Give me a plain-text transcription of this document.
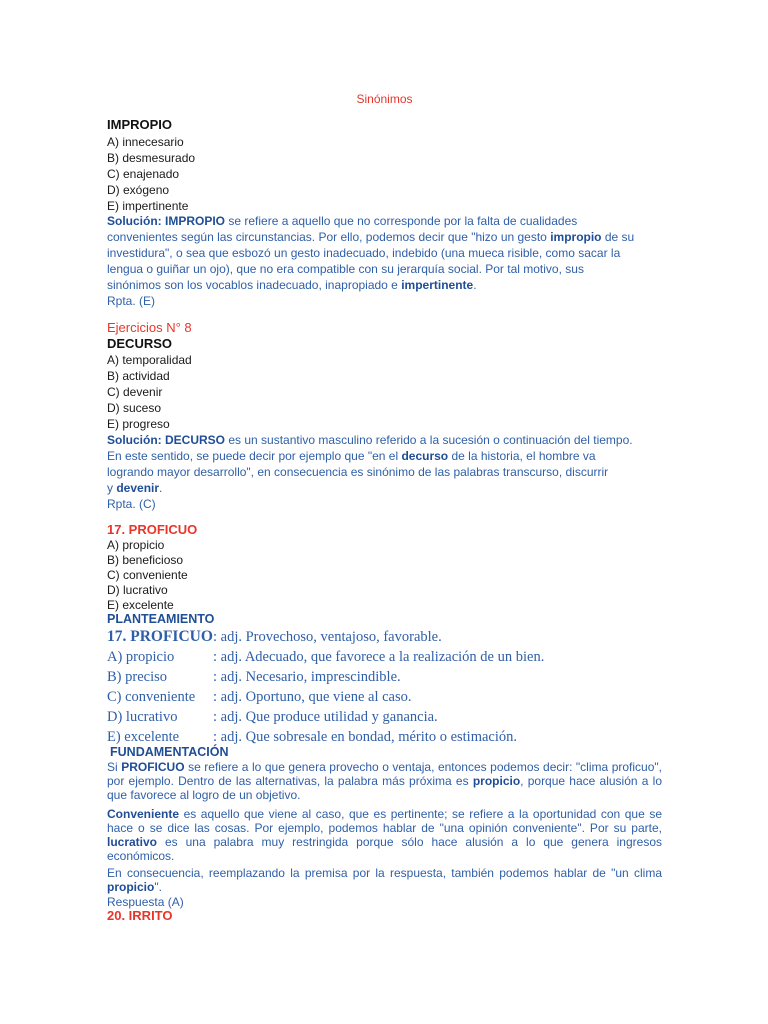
Sinónimos
IMPROPIO
A) innecesario
B) desmesurado
C) enajenado
D) exógeno
E) impertinente
Solución: IMPROPIO se refiere a aquello que no corresponde por la falta de cualidades
convenientes según las circunstancias. Por ello, podemos decir que "hizo un gesto impropio de su
investidura", o sea que esbozó un gesto inadecuado, indebido (una mueca risible, como sacar la
lengua o guiñar un ojo), que no era compatible con su jerarquía social. Por tal motivo, sus
sinónimos son los vocablos inadecuado, inapropiado e impertinente.
Rpta. (E)
Ejercicios N° 8
DECURSO
A) temporalidad
B) actividad
C) devenir
D) suceso
E) progreso
Solución: DECURSO es un sustantivo masculino referido a la sucesión o continuación del tiempo.
En este sentido, se puede decir por ejemplo que "en el decurso de la historia, el hombre va
logrando mayor desarrollo", en consecuencia es sinónimo de las palabras transcurso, discurrir
y devenir.
Rpta. (C)
17. PROFICUO
A) propicio
B) beneficioso
C) conveniente
D) lucrativo
E) excelente
PLANTEAMIENTO
17. PROFICUO: adj. Provechoso, ventajoso, favorable.
A) propicio	: adj. Adecuado, que favorece a la realización de un bien.
B) preciso	: adj. Necesario, imprescindible.
C) conveniente : adj. Oportuno, que viene al caso.
D) lucrativo : adj. Que produce utilidad y ganancia.
E) excelente : adj. Que sobresale en bondad, mérito o estimación.
FUNDAMENTACIÓN
Si PROFICUO se refiere a lo que genera provecho o ventaja, entonces podemos decir: "clima proficuo", por ejemplo. Dentro de las alternativas, la palabra más próxima es propicio, porque hace alusión a lo que favorece al logro de un objetivo.
Conveniente es aquello que viene al caso, que es pertinente; se refiere a la oportunidad con que se hace o se dice las cosas. Por ejemplo, podemos hablar de "una opinión conveniente". Por su parte, lucrativo es una palabra muy restringida porque sólo hace alusión a lo que genera ingresos económicos.
En consecuencia, reemplazando la premisa por la respuesta, también podemos hablar de "un clima propicio".
Respuesta (A)
20. IRRITO
